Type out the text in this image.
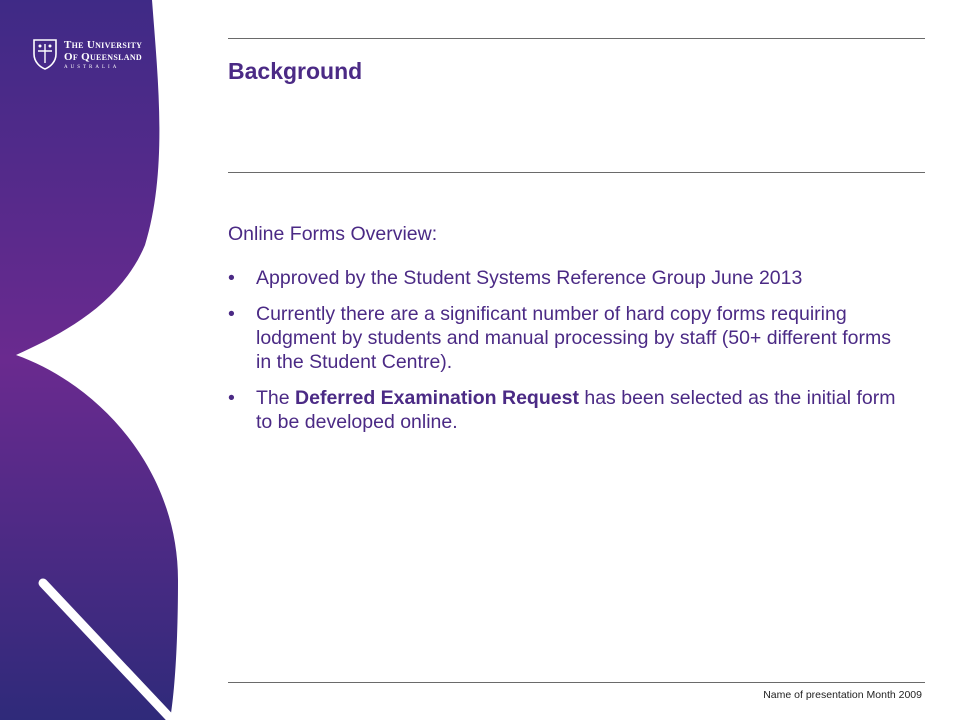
The University
Of Queensland
AUSTRALIA	Background

Online Forms Overview:

• Approved by the Student Systems Reference Group June 2013
• Currently there are a significant number of hard copy forms requiring lodgment by students and manual processing by staff (50+ different forms in the Student Centre).
• The Deferred Examination Request has been selected as the initial form to be developed online.
Name of presentation Month 2009
